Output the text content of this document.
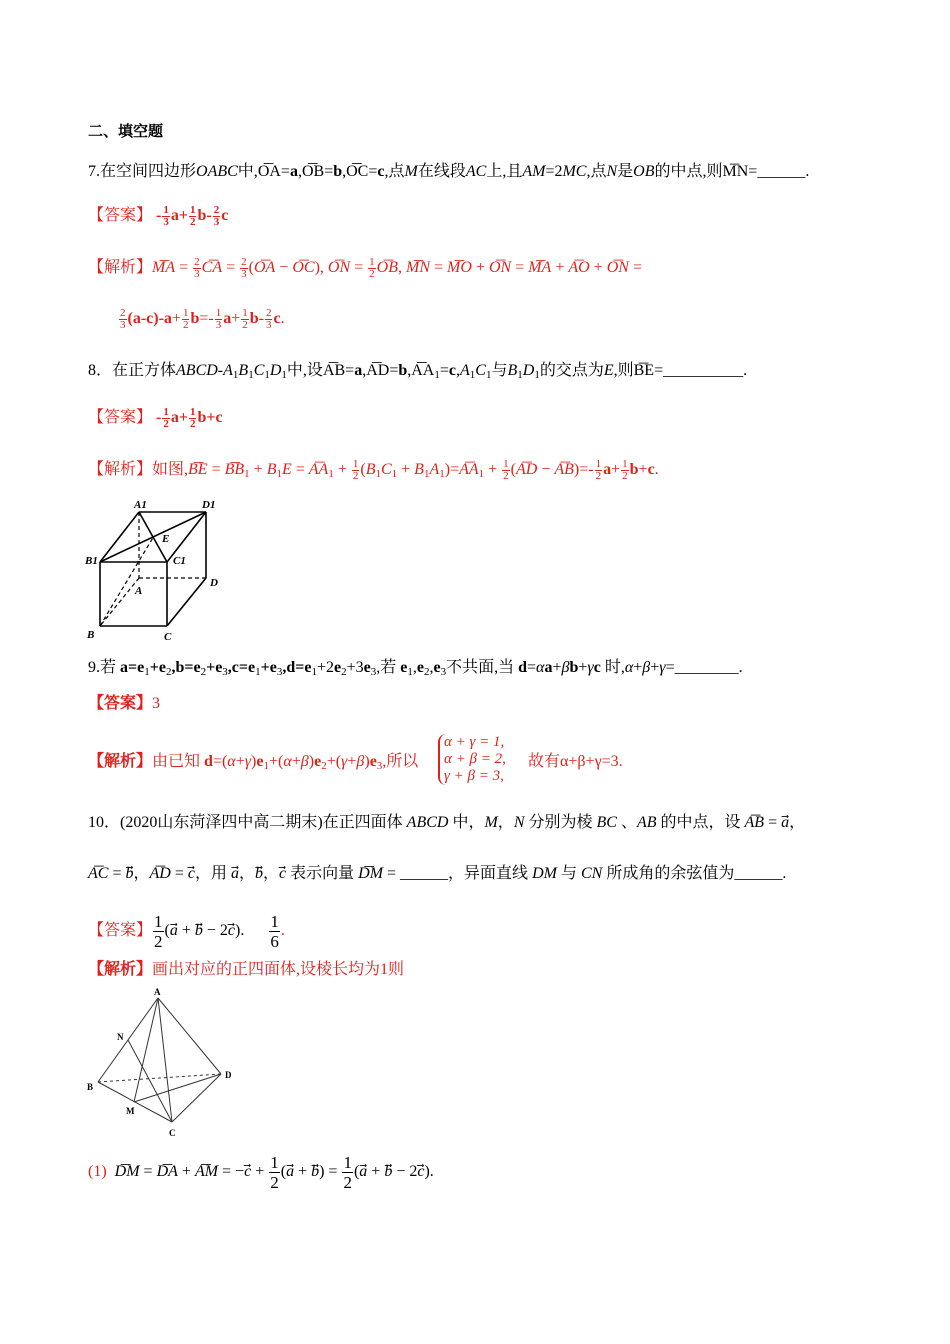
二、填空题
7.在空间四边形OABC中,O͞A=a,O͞B=b,O͞C=c,点M在线段AC上,且AM=2MC,点N是OB的中点,则M͞N=______.
【答案】 - $\frac{1}{3} a+ \frac{1}{2} b- \frac{2}{3}$ c
【解析】M͞A = $\frac{2}{3}$ C͞A = $\frac{2}{3}$ (O͞A − O͞C), O͞N = $\frac{1}{2}$ O͞B, M͞N = M͞O + O͞N = M͞A + A͞O + O͞N =
$\frac{2}{3} (a-c)-a+ \frac{1}{2} b=- \frac{1}{3} a+ \frac{1}{2} b- \frac{2}{3} c$.
8．在正方体ABCD-$A_1B_1C_1D_1$中,设$A͞B=a,A͞D=b,A͞A_1=c,A_1C_1$与$B_1D_1$的交点为E,则B͞E=__________.
【答案】 - $\frac{1}{2} a+ \frac{1}{2} b+c$
【解析】如图,B͞E = $B͞B_1 + B_1E$ = $A͞A_1 + \frac{1}{2} (B_1C_1$ + $B_1A_1)=A͞A_1 + \frac{1}{2}$ (A͞D − A͞B)=- $\frac{1}{2} a+ \frac{1}{2} b+c$.
A1	D1
B1	C1
E
A
D
B	C
9.若 $a=e_1+e_2,b=e_2+e_3,c=e_1+e_3,d=e_1+2e_2+3e_3$,若 $e_1,e_2,e_3$不共面,当 d=αa+βb+γc 时,α+β+γ=________.
【答案】3
【解析】由已知 $d=(\alpha+\gamma)e_1+(\alpha+\beta)e_2+(\gamma+\beta)e_3$,所以
α + γ = 1,
α + β = 2,
γ + β = 3,
故有α+β+γ=3.
10．(2020山东菏泽四中高二期末)在正四面体 ABCD 中，M，N 分别为棱 BC 、AB 的中点，设 A͞B = a⃗，
A͞C = b⃗，A͞D = c⃗，用 a⃗，b⃗，c⃗ 表示向量 D͞M = ______，异面直线 DM 与 CN 所成角的余弦值为______.
【答案】 $\frac{1}{2}$ (a⃗ + b⃗ − 2c⃗). $\frac{1}{6}$ .
【解析】画出对应的正四面体,设棱长均为1则
A
N
B
D
M
C
(1) D͞M = D͞A + A͞M = −c⃗ + $\frac{1}{2}$ (a⃗ + b⃗) = $\frac{1}{2}$ (a⃗ + b⃗ − 2c⃗).
